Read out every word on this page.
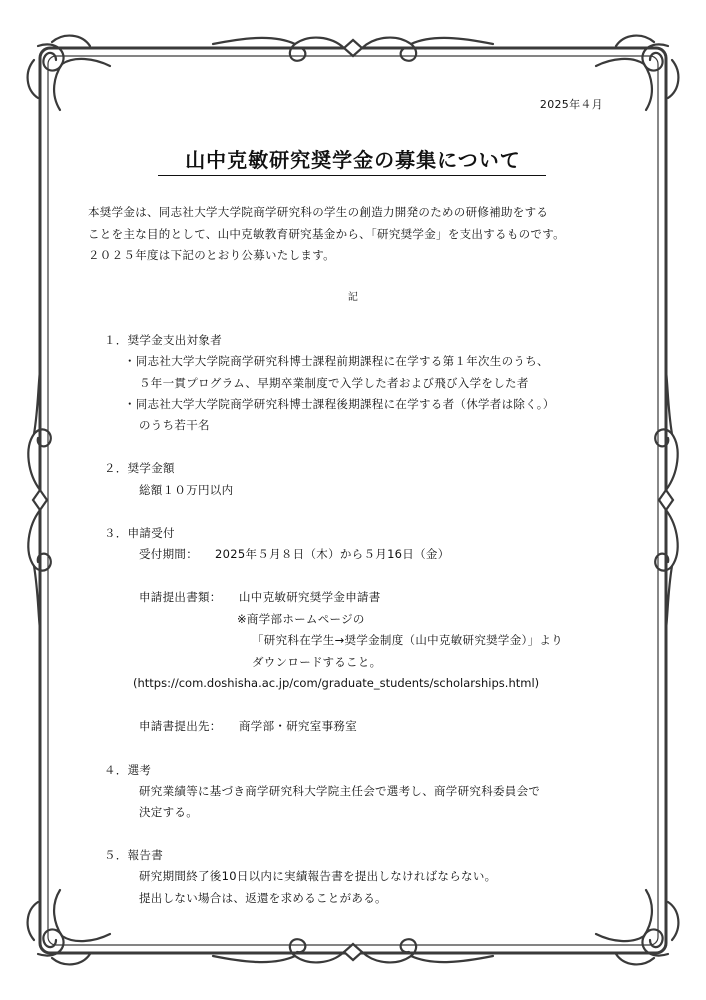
2025年４月
山中克敏研究奨学金の募集について
本奨学金は、同志社大学大学院商学研究科の学生の創造力開発のための研修補助をする
ことを主な目的として、山中克敏教育研究基金から、「研究奨学金」を支出するものです。
２０２５年度は下記のとおり公募いたします。
記
１．奨学金支出対象者
・同志社大学大学院商学研究科博士課程前期課程に在学する第１年次生のうち、
５年一貫プログラム、早期卒業制度で入学した者および飛び入学をした者
・同志社大学大学院商学研究科博士課程後期課程に在学する者（休学者は除く。）
のうち若干名
２．奨学金額
総額１０万円以内
３．申請受付
受付期間： 2025年５月８日（木）から５月16日（金）
申請提出書類： 山中克敏研究奨学金申請書
※商学部ホームページの
「研究科在学生→奨学金制度（山中克敏研究奨学金）」より
ダウンロードすること。
(https://com.doshisha.ac.jp/com/graduate_students/scholarships.html)
申請書提出先： 商学部・研究室事務室
４．選考
研究業績等に基づき商学研究科大学院主任会で選考し、商学研究科委員会で
決定する。
５．報告書
研究期間終了後10日以内に実績報告書を提出しなければならない。
提出しない場合は、返還を求めることがある。
